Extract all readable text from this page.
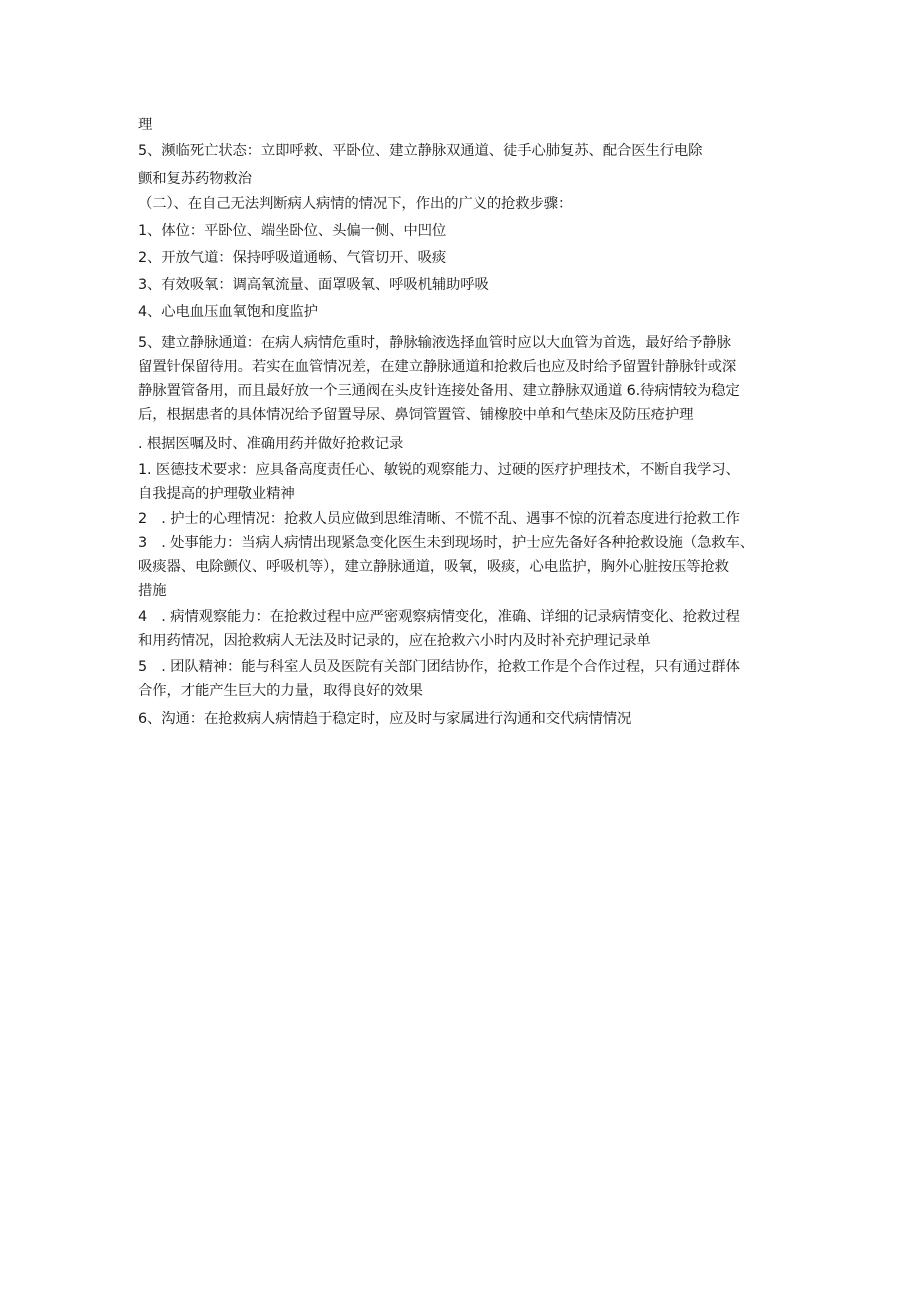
理

5、濒临死亡状态：立即呼救、平卧位、建立静脉双通道、徒手心肺复苏、配合医生行电除

颤和复苏药物救治

（二）、在自己无法判断病人病情的情况下，作出的广义的抢救步骤：

1、体位：平卧位、端坐卧位、头偏一侧、中凹位

2、开放气道：保持呼吸道通畅、气管切开、吸痰

3、有效吸氧：调高氧流量、面罩吸氧、呼吸机辅助呼吸

4、心电血压血氧饱和度监护

5、建立静脉通道：在病人病情危重时，静脉输液选择血管时应以大血管为首选，最好给予静脉

留置针保留待用。若实在血管情况差，在建立静脉通道和抢救后也应及时给予留置针静脉针或深

静脉置管备用，而且最好放一个三通阀在头皮针连接处备用、建立静脉双通道 6.待病情较为稳定

后，根据患者的具体情况给予留置导尿、鼻饲管置管、铺橡胶中单和气垫床及防压疮护理

. 根据医嘱及时、准确用药并做好抢救记录

1. 医德技术要求：应具备高度责任心、敏锐的观察能力、过硬的医疗护理技术，不断自我学习、

自我提高的护理敬业精神

2　. 护士的心理情况：抢救人员应做到思维清晰、不慌不乱、遇事不惊的沉着态度进行抢救工作

3　. 处事能力：当病人病情出现紧急变化医生未到现场时，护士应先备好各种抢救设施（急救车、

吸痰器、电除颤仪、呼吸机等），建立静脉通道，吸氧，吸痰，心电监护，胸外心脏按压等抢救

措施

4　. 病情观察能力：在抢救过程中应严密观察病情变化，准确、详细的记录病情变化、抢救过程

和用药情况，因抢救病人无法及时记录的，应在抢救六小时内及时补充护理记录单

5　. 团队精神：能与科室人员及医院有关部门团结协作，抢救工作是个合作过程，只有通过群体

合作，才能产生巨大的力量，取得良好的效果

6、沟通：在抢救病人病情趋于稳定时，应及时与家属进行沟通和交代病情情况
